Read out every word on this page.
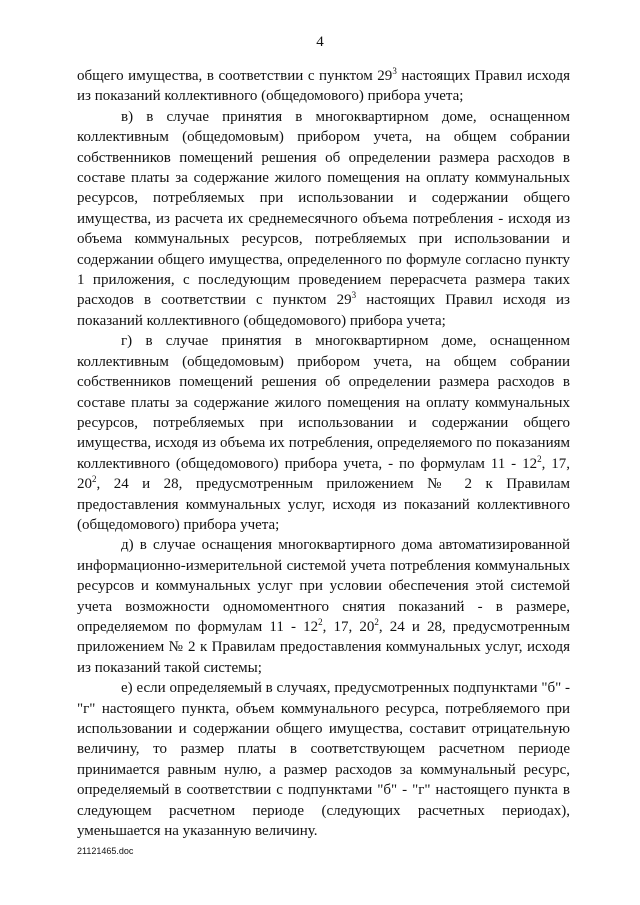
4

общего имущества, в соответствии с пунктом $29^3$ настоящих Правил исходя из показаний коллективного (общедомового) прибора учета;

в) в случае принятия в многоквартирном доме, оснащенном коллективным (общедомовым) прибором учета, на общем собрании собственников помещений решения об определении размера расходов в составе платы за содержание жилого помещения на оплату коммунальных ресурсов, потребляемых при использовании и содержании общего имущества, из расчета их среднемесячного объема потребления - исходя из объема коммунальных ресурсов, потребляемых при использовании и содержании общего имущества, определенного по формуле согласно пункту 1 приложения, с последующим проведением перерасчета размера таких расходов в соответствии с пунктом $29^3$ настоящих Правил исходя из показаний коллективного (общедомового) прибора учета;

г) в случае принятия в многоквартирном доме, оснащенном коллективным (общедомовым) прибором учета, на общем собрании собственников помещений решения об определении размера расходов в составе платы за содержание жилого помещения на оплату коммунальных ресурсов, потребляемых при использовании и содержании общего имущества, исходя из объема их потребления, определяемого по показаниям коллективного (общедомового) прибора учета, - по формулам $11 - 12^2$, 17, $20^2$, 24 и 28, предусмотренным приложением № 2 к Правилам предоставления коммунальных услуг, исходя из показаний коллективного (общедомового) прибора учета;

д) в случае оснащения многоквартирного дома автоматизированной информационно-измерительной системой учета потребления коммунальных ресурсов и коммунальных услуг при условии обеспечения этой системой учета возможности одномоментного снятия показаний - в размере, определяемом по формулам $11 - 12^2$, 17, $20^2$, 24 и 28, предусмотренным приложением № 2 к Правилам предоставления коммунальных услуг, исходя из показаний такой системы;

е) если определяемый в случаях, предусмотренных подпунктами "б" - "г" настоящего пункта, объем коммунального ресурса, потребляемого при использовании и содержании общего имущества, составит отрицательную величину, то размер платы в соответствующем расчетном периоде принимается равным нулю, а размер расходов за коммунальный ресурс, определяемый в соответствии с подпунктами "б" - "г" настоящего пункта в следующем расчетном периоде (следующих расчетных периодах), уменьшается на указанную величину.

21121465.doc
